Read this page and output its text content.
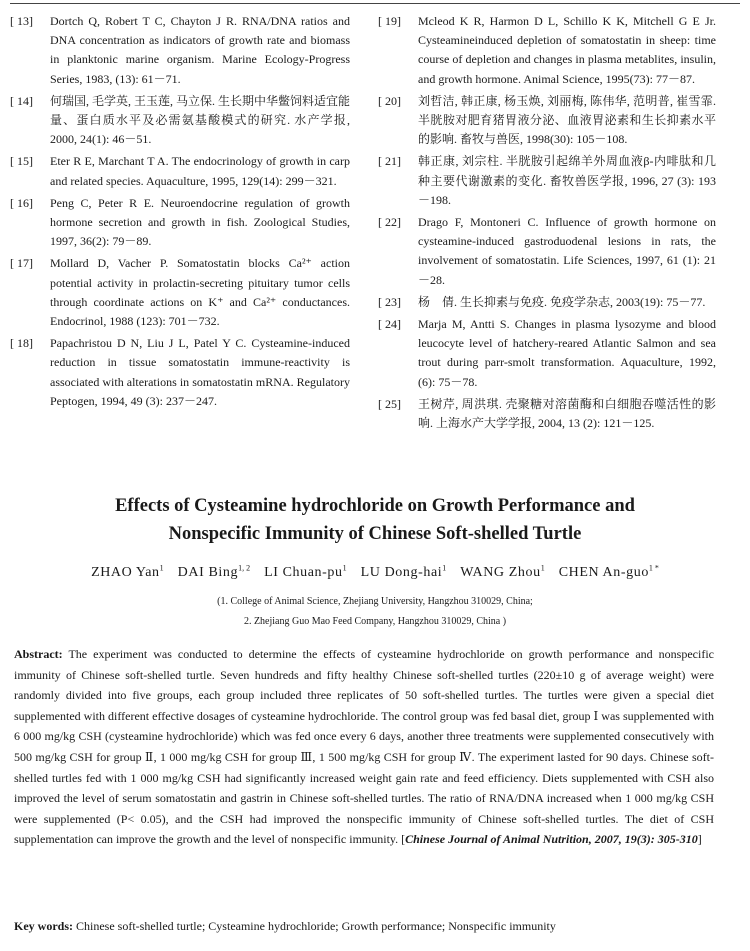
[ 13]	Dortch Q, Robert T C, Chayton J R. RNA/DNA ratios and DNA concentration as indicators of growth rate and biomass in planktonic marine organism. Marine Ecology-Progress Series, 1983, (13): 61－71.
[ 14]	何瑞国, 毛学英, 王玉莲, 马立保. 生长期中华鳖饲料适宜能量、蛋白质水平及必需氨基酸模式的研究. 水产学报, 2000, 24(1): 46－51.
[ 15]	Eter R E, Marchant T A. The endocrinology of growth in carp and related species. Aquaculture, 1995, 129(14): 299－321.
[ 16]	Peng C, Peter R E. Neuroendocrine regulation of growth hormone secretion and growth in fish. Zoological Studies, 1997, 36(2): 79－89.
[ 17]	Mollard D, Vacher P. Somatostatin blocks Ca²⁺ action potential activity in prolactin-secreting pituitary tumor cells through coordinate actions on K⁺ and Ca²⁺ conductances. Endocrinol, 1988 (123): 701－732.
[ 18]	Papachristou D N, Liu J L, Patel Y C. Cysteamine-induced reduction in tissue somatostatin immune-reactivity is associated with alterations in somatostatin mRNA. Regulatory Peptogen, 1994, 49 (3): 237－247.
[ 19]	Mcleod K R, Harmon D L, Schillo K K, Mitchell G E Jr. Cysteamineinduced depletion of somatostatin in sheep: time course of depletion and changes in plasma metablites, insulin, and growth hormone. Animal Science, 1995(73): 77－87.
[ 20]	刘哲洁, 韩正康, 杨玉焕, 刘丽梅, 陈伟华, 范明普, 崔雪霏. 半胱胺对肥育猪胃液分泌、血液胃泌素和生长抑素水平的影响. 畜牧与兽医, 1998(30): 105－108.
[ 21]	韩正康, 刘宗柱. 半胱胺引起绵羊外周血液β-内啡肽和几种主要代谢激素的变化. 畜牧兽医学报, 1996, 27 (3): 193－198.
[ 22]	Drago F, Montoneri C. Influence of growth hormone on cysteamine-induced gastroduodenal lesions in rats, the involvement of somatostatin. Life Sciences, 1997, 61 (1): 21－28.
[ 23]	杨　倩. 生长抑素与免疫. 免疫学杂志, 2003(19): 75－77.
[ 24]	Marja M, Antti S. Changes in plasma lysozyme and blood leucocyte level of hatchery-reared Atlantic Salmon and sea trout during parr-smolt transformation. Aquaculture, 1992, (6): 75－78.
[ 25]	王树芹, 周洪琪. 壳聚糖对溶菌酶和白细胞吞噬活性的影响. 上海水产大学学报, 2004, 13 (2): 121－125.
Effects of Cysteamine hydrochloride on Growth Performance and
Nonspecific Immunity of Chinese Soft-shelled Turtle
ZHAO Yan$^1$ DAI Bing$^{1, 2}$ LI Chuan-$pu^1$ LU Dong-hai$^1$ WANG Zhou$^1$ CHEN An-guo$^{1 *}$
(1. College of Animal Science, Zhejiang University, Hangzhou 310029, China;
2. Zhejiang Guo Mao Feed Company, Hangzhou 310029, China )
Abstract: The experiment was conducted to determine the effects of cysteamine hydrochloride on growth performance and nonspecific immunity of Chinese soft-shelled turtle. Seven hundreds and fifty healthy Chinese soft-shelled turtles (220±10 g of average weight) were randomly divided into five groups, each group included three replicates of 50 soft-shelled turtles. The turtles were given a special diet supplemented with different effective dosages of cysteamine hydrochloride. The control group was fed basal diet, group Ⅰ was supplemented with 6 000 mg/kg CSH (cysteamine hydrochloride) which was fed once every 6 days, another three treatments were supplemented consecutively with 500 mg/kg CSH for group Ⅱ, 1 000 mg/kg CSH for group Ⅲ, 1 500 mg/kg CSH for group Ⅳ. The experiment lasted for 90 days. Chinese soft-shelled turtles fed with 1 000 mg/kg CSH had significantly increased weight gain rate and feed efficiency. Diets supplemented with CSH also improved the level of serum somatostatin and gastrin in Chinese soft-shelled turtles. The ratio of RNA/DNA increased when 1 000 mg/kg CSH were supplemented (P< 0.05), and the CSH had improved the nonspecific immunity of Chinese soft-shelled turtles. The diet of CSH supplementation can improve the growth and the level of nonspecific immunity. [Chinese Journal of Animal Nutrition, 2007, 19(3): 305-310]
Key words: Chinese soft-shelled turtle; Cysteamine hydrochloride; Growth performance; Nonspecific immunity
